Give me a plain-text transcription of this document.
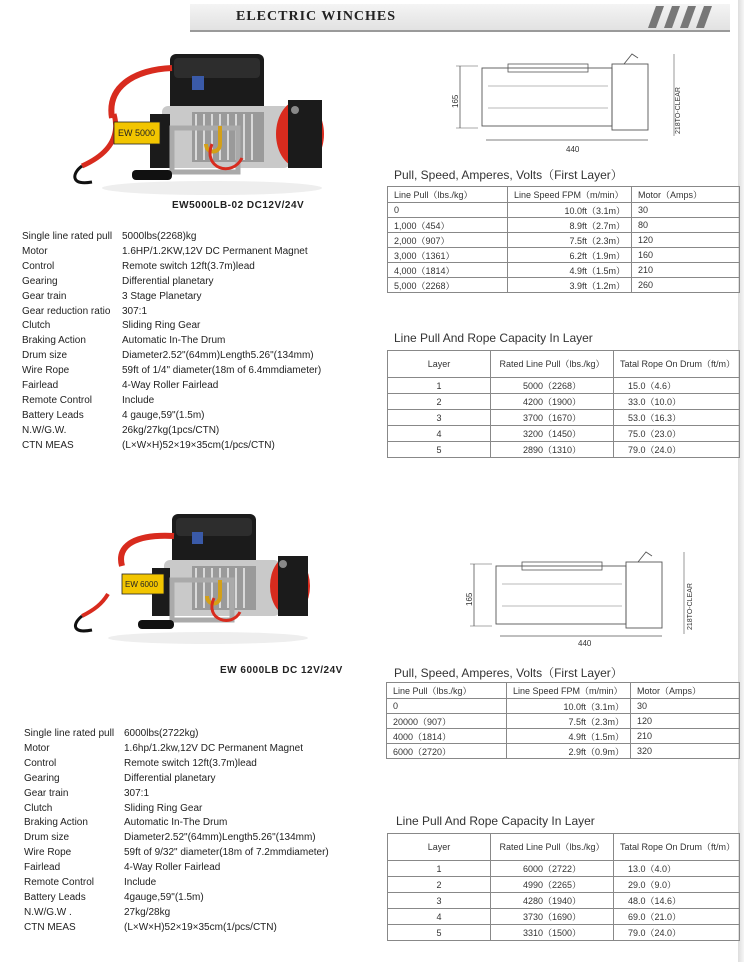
ELECTRIC WINCHES
EW 5000
EW5000LB-02 DC12V/24V
Single line rated pull 5000lbs(2268)kg
Motor	1.6HP/1.2KW,12V DC Permanent Magnet
Control	Remote switch 12ft(3.7m)lead
Gearing	Differential planetary
Gear train	3 Stage Planetary
Gear reduction ratio	307:1
Clutch	Sliding Ring Gear
Braking Action	Automatic In-The Drum
Drum size	Diameter2.52"(64mm)Length5.26"(134mm)
Wire Rope	59ft of 1/4" diameter(18m of 6.4mmdiameter)
Fairlead	4-Way Roller Fairlead
Remote Control	Include
Battery Leads	4 gauge,59"(1.5m)
N.W/G.W.	26kg/27kg(1pcs/CTN)
CTN MEAS	(L×W×H)52×19×35cm(1/pcs/CTN)
165
440
218TO-CLEAR
Pull, Speed, Amperes, Volts（First Layer）
Line Pull（lbs./kg）	Line Speed FPM（m/min）	Motor（Amps）
0	10.0ft（3.1m）	30
1,000（454）	8.9ft（2.7m）	80
2,000（907）	7.5ft（2.3m）	120
3,000（1361）	6.2ft（1.9m）	160
4,000（1814）	4.9ft（1.5m）	210
5,000（2268）	3.9ft（1.2m）	260
Line Pull And Rope Capacity In Layer
Layer	Rated Line Pull（lbs./kg）	Tatal Rope On Drum（ft/m）
1	5000（2268）	15.0（4.6）
2	4200（1900）	33.0（10.0）
3	3700（1670）	53.0（16.3）
4	3200（1450）	75.0（23.0）
5	2890（1310）	79.0（24.0）
EW 6000
EW 6000LB DC 12V/24V
Single line rated pull 6000lbs(2722kg)
Motor	1.6hp/1.2kw,12V DC Permanent Magnet
Control	Remote switch 12ft(3.7m)lead
Gearing	Differential planetary
Gear train	307:1
Clutch	Sliding Ring Gear
Braking Action	Automatic In-The Drum
Drum size	Diameter2.52"(64mm)Length5.26"(134mm)
Wire Rope	59ft of 9/32" diameter(18m of 7.2mmdiameter)
Fairlead	4-Way Roller Fairlead
Remote Control	Include
Battery Leads	4gauge,59"(1.5m)
N.W/G.W .	27kg/28kg
CTN MEAS	(L×W×H)52×19×35cm(1/pcs/CTN)
165
440
218TO-CLEAR
Pull, Speed, Amperes, Volts（First Layer）
Line Pull（lbs./kg）	Line Speed FPM（m/min）	Motor（Amps）
0	10.0ft（3.1m）	30
20000（907）	7.5ft（2.3m）	120
4000（1814）	4.9ft（1.5m）	210
6000（2720）	2.9ft（0.9m）	320
Line Pull And Rope Capacity In Layer
Layer	Rated Line Pull（lbs./kg）	Tatal Rope On Drum（ft/m）
1	6000（2722）	13.0（4.0）
2	4990（2265）	29.0（9.0）
3	4280（1940）	48.0（14.6）
4	3730（1690）	69.0（21.0）
5	3310（1500）	79.0（24.0）
